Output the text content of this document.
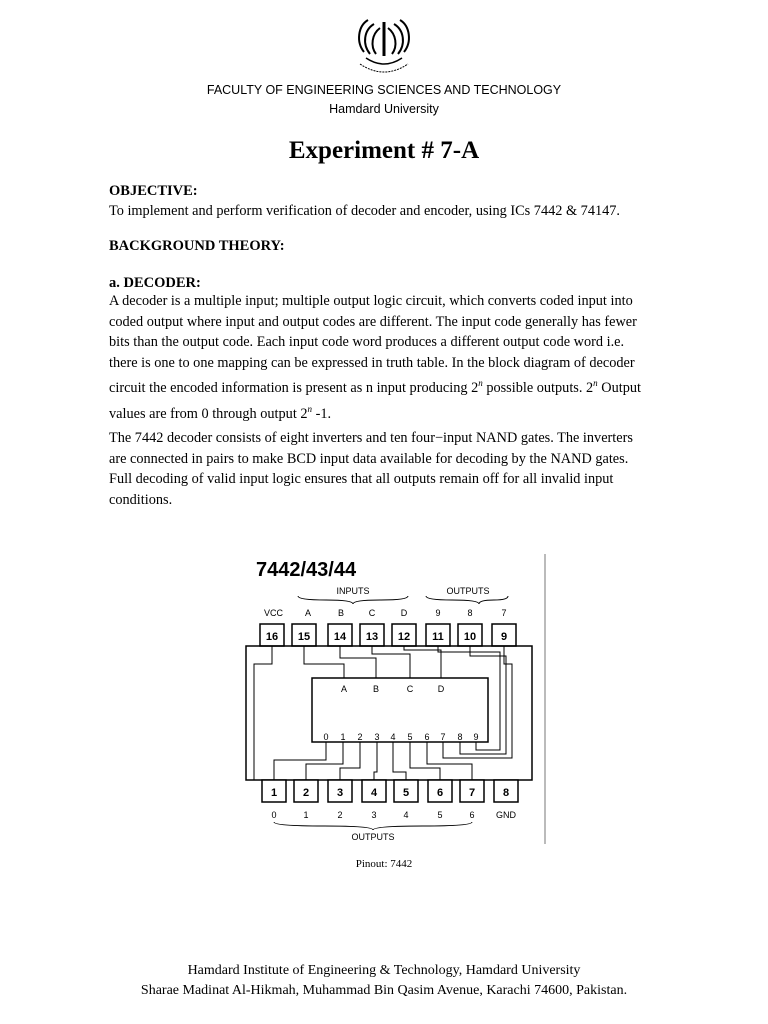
FACULTY OF ENGINEERING SCIENCES AND TECHNOLOGY
Hamdard University
Experiment # 7-A
OBJECTIVE:
To implement and perform verification of decoder and encoder, using ICs 7442 & 74147.
BACKGROUND THEORY:
a. DECODER:
A decoder is a multiple input; multiple output logic circuit, which converts coded input into
coded output where input and output codes are different. The input code generally has fewer
bits than the output code. Each input code word produces a different output code word i.e.
there is one to one mapping can be expressed in truth table. In the block diagram of decoder
circuit the encoded information is present as n input producing 2$^n$ possible outputs. 2$^n$ Output
values are from 0 through output 2$^n$ -1.
The 7442 decoder consists of eight inverters and ten four−input NAND gates. The inverters
are connected in pairs to make BCD input data available for decoding by the NAND gates.
Full decoding of valid input logic ensures that all outputs remain off for all invalid input
conditions.
7442/43/44
INPUTS	OUTPUTS
VCC A	B	C	D	9	8	7
16 15 14 13 12 11 10 9
A	B	C	D
0 1 2 3 4 5 6 7 8 9
1 2	3	4 5	6 7	8
0	1	2	3	4	5	6 GND
OUTPUTS
Pinout: 7442
Hamdard Institute of Engineering & Technology, Hamdard University
Sharae Madinat Al-Hikmah, Muhammad Bin Qasim Avenue, Karachi 74600, Pakistan.
